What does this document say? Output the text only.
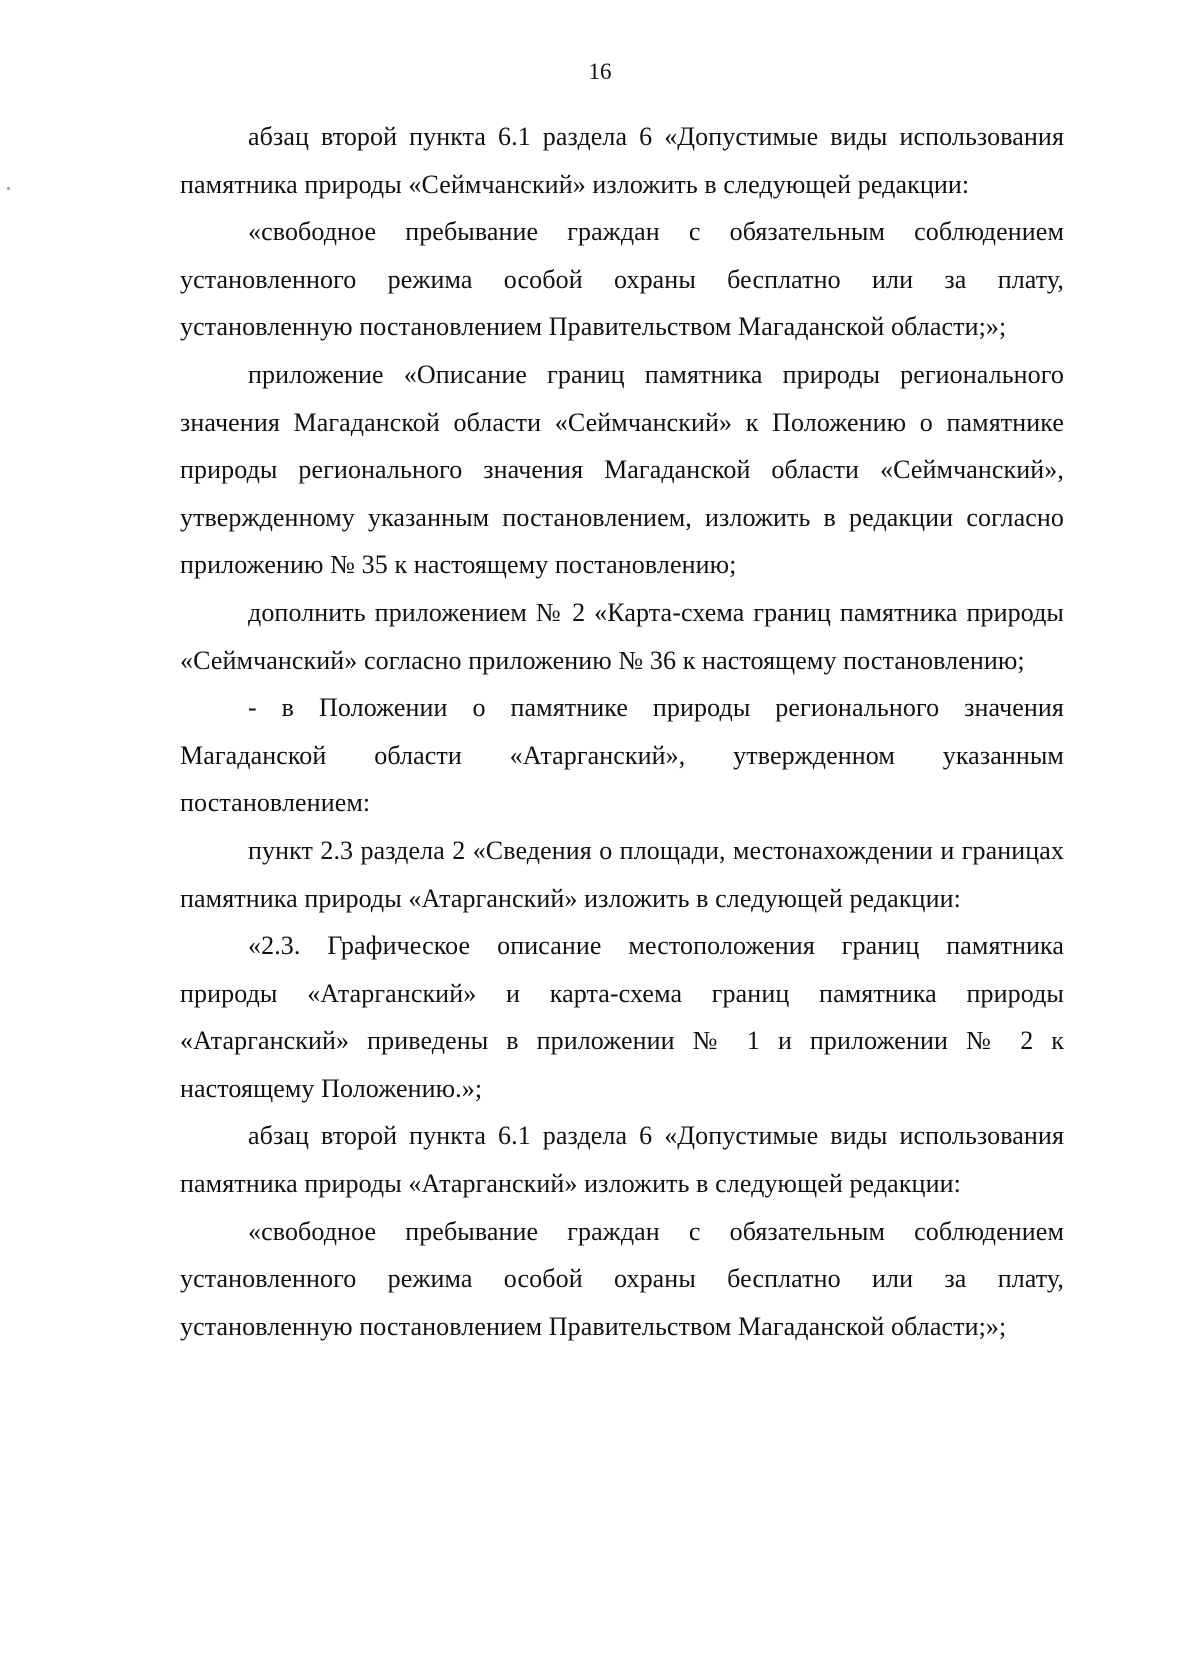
16

абзац второй пункта 6.1 раздела 6 «Допустимые виды использования памятника природы «Сеймчанский» изложить в следующей редакции:

«свободное пребывание граждан с обязательным соблюдением установленного режима особой охраны бесплатно или за плату, установленную постановлением Правительством Магаданской области;»;

приложение «Описание границ памятника природы регионального значения Магаданской области «Сеймчанский» к Положению о памятнике природы регионального значения Магаданской области «Сеймчанский», утвержденному указанным постановлением, изложить в редакции согласно приложению № 35 к настоящему постановлению;

дополнить приложением № 2 «Карта-схема границ памятника природы «Сеймчанский» согласно приложению № 36 к настоящему постановлению;

- в Положении о памятнике природы регионального значения Магаданской области «Атарганский», утвержденном указанным постановлением:

пункт 2.3 раздела 2 «Сведения о площади, местонахождении и границах памятника природы «Атарганский» изложить в следующей редакции:

«2.3. Графическое описание местоположения границ памятника природы «Атарганский» и карта-схема границ памятника природы «Атарганский» приведены в приложении № 1 и приложении № 2 к настоящему Положению.»;

абзац второй пункта 6.1 раздела 6 «Допустимые виды использования памятника природы «Атарганский» изложить в следующей редакции:

«свободное пребывание граждан с обязательным соблюдением установленного режима особой охраны бесплатно или за плату, установленную постановлением Правительством Магаданской области;»;
